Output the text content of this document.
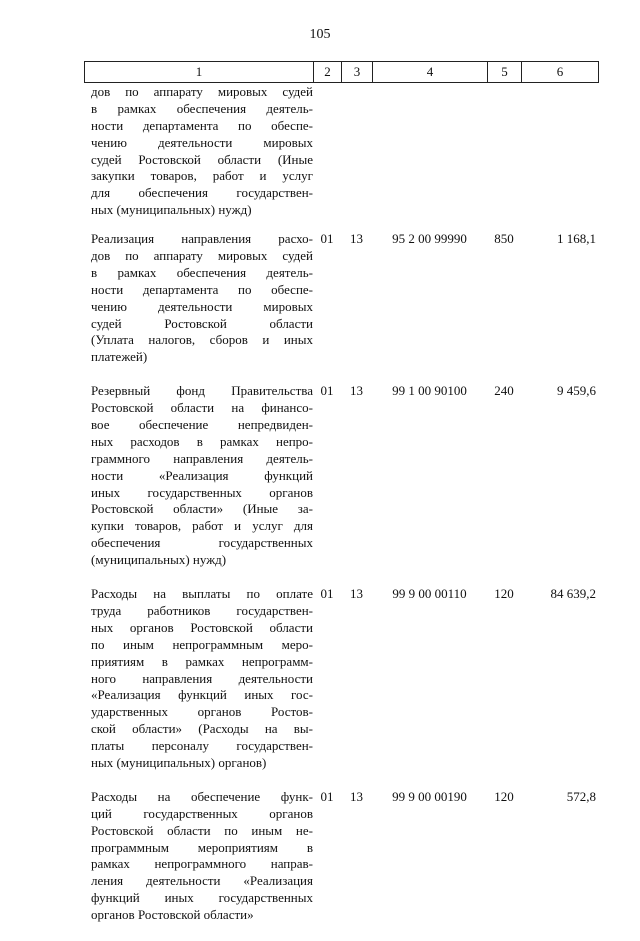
105
1	2	3	4	5	6
дов по аппарату мировых судей
в рамках обеспечения деятель-
ности департамента по обеспе-
чению деятельности мировых
судей Ростовской области (Иные
закупки товаров, работ и услуг
для обеспечения государствен-
ных (муниципальных) нужд)
Реализация направления расхо-
дов по аппарату мировых судей
в рамках обеспечения деятель-
ности департамента по обеспе-
чению деятельности мировых
судей Ростовской области
(Уплата налогов, сборов и иных
платежей)
01	13	95 2 00 99990	850	1 168,1
Резервный фонд Правительства
Ростовской области на финансо-
вое обеспечение непредвиден-
ных расходов в рамках непро-
граммного направления деятель-
ности «Реализация функций
иных государственных органов
Ростовской области» (Иные за-
купки товаров, работ и услуг для
обеспечения государственных
(муниципальных) нужд)
01	13	99 1 00 90100	240	9 459,6
Расходы на выплаты по оплате
труда работников государствен-
ных органов Ростовской области
по иным непрограммным меро-
приятиям в рамках непрограмм-
ного направления деятельности
«Реализация функций иных гос-
ударственных органов Ростов-
ской области» (Расходы на вы-
платы персоналу государствен-
ных (муниципальных) органов)
01	13	99 9 00 00110	120	84 639,2
Расходы на обеспечение функ-
ций государственных органов
Ростовской области по иным не-
программным мероприятиям в
рамках непрограммного направ-
ления деятельности «Реализация
функций иных государственных
органов Ростовской области»
01	13	99 9 00 00190	120	572,8
